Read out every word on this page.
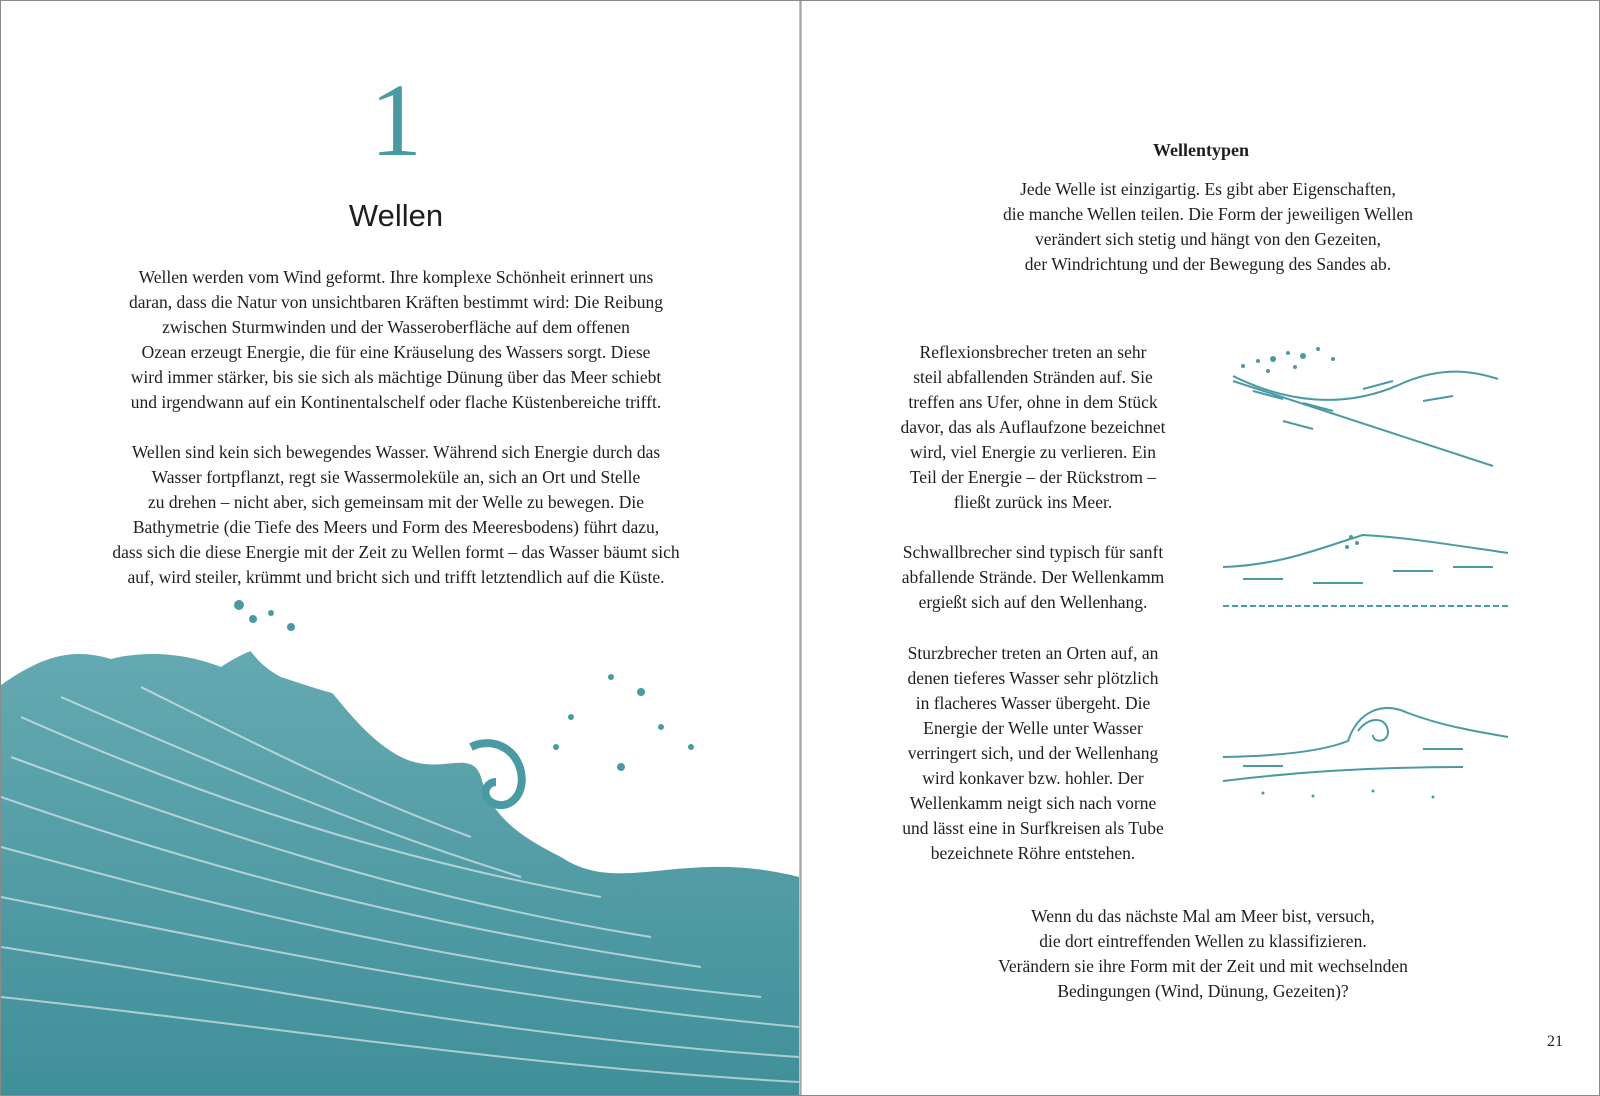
1
Wellen
Wellen werden vom Wind geformt. Ihre komplexe Schönheit erinnert uns
daran, dass die Natur von unsichtbaren Kräften bestimmt wird: Die Reibung
zwischen Sturmwinden und der Wasseroberfläche auf dem offenen
Ozean erzeugt Energie, die für eine Kräuselung des Wassers sorgt. Diese
wird immer stärker, bis sie sich als mächtige Dünung über das Meer schiebt
und irgendwann auf ein Kontinentalschelf oder flache Küstenbereiche trifft.
Wellen sind kein sich bewegendes Wasser. Während sich Energie durch das
Wasser fortpflanzt, regt sie Wassermoleküle an, sich an Ort und Stelle
zu drehen – nicht aber, sich gemeinsam mit der Welle zu bewegen. Die
Bathymetrie (die Tiefe des Meers und Form des Meeresbodens) führt dazu,
dass sich die diese Energie mit der Zeit zu Wellen formt – das Wasser bäumt sich
auf, wird steiler, krümmt und bricht sich und trifft letztendlich auf die Küste.
Wellentypen
Jede Welle ist einzigartig. Es gibt aber Eigenschaften,
die manche Wellen teilen. Die Form der jeweiligen Wellen
verändert sich stetig und hängt von den Gezeiten,
der Windrichtung und der Bewegung des Sandes ab.
Reflexionsbrecher treten an sehr
steil abfallenden Stränden auf. Sie
treffen ans Ufer, ohne in dem Stück
davor, das als Auflaufzone bezeichnet
wird, viel Energie zu verlieren. Ein
Teil der Energie – der Rückstrom –
fließt zurück ins Meer.
Schwallbrecher sind typisch für sanft
abfallende Strände. Der Wellenkamm
ergießt sich auf den Wellenhang.
Sturzbrecher treten an Orten auf, an
denen tieferes Wasser sehr plötzlich
in flacheres Wasser übergeht. Die
Energie der Welle unter Wasser
verringert sich, und der Wellenhang
wird konkaver bzw. hohler. Der
Wellenkamm neigt sich nach vorne
und lässt eine in Surfkreisen als Tube
bezeichnete Röhre entstehen.
Wenn du das nächste Mal am Meer bist, versuch,
die dort eintreffenden Wellen zu klassifizieren.
Verändern sie ihre Form mit der Zeit und mit wechselnden
Bedingungen (Wind, Dünung, Gezeiten)?
21
